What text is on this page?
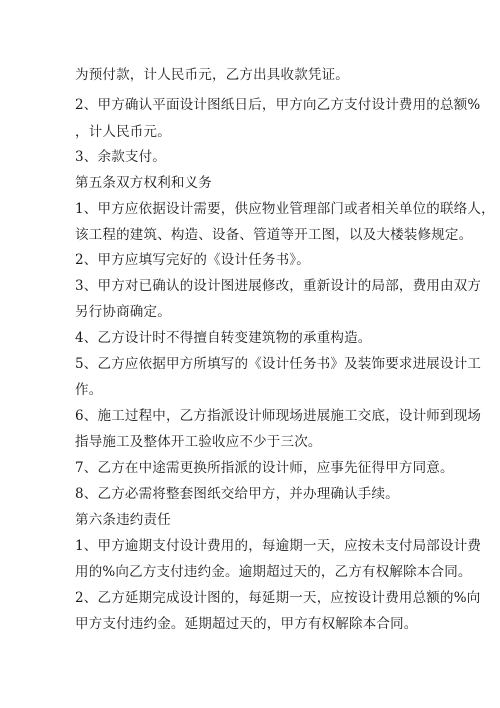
为预付款，计人民币元，乙方出具收款凭证。
2、甲方确认平面设计图纸日后，甲方向乙方支付设计费用的总额%
，计人民币元。
3、余款支付。
第五条双方权利和义务
1、甲方应依据设计需要，供应物业管理部门或者相关单位的联络人，
该工程的建筑、构造、设备、管道等开工图，以及大楼装修规定。
2、甲方应填写完好的《设计任务书》。
3、甲方对已确认的设计图进展修改，重新设计的局部，费用由双方
另行协商确定。
4、乙方设计时不得擅自转变建筑物的承重构造。
5、乙方应依据甲方所填写的《设计任务书》及装饰要求进展设计工
作。
6、施工过程中，乙方指派设计师现场进展施工交底，设计师到现场
指导施工及整体开工验收应不少于三次。
7、乙方在中途需更换所指派的设计师，应事先征得甲方同意。
8、乙方必需将整套图纸交给甲方，并办理确认手续。
第六条违约责任
1、甲方逾期支付设计费用的，每逾期一天，应按未支付局部设计费
用的%向乙方支付违约金。逾期超过天的，乙方有权解除本合同。
2、乙方延期完成设计图的，每延期一天，应按设计费用总额的%向
甲方支付违约金。延期超过天的，甲方有权解除本合同。
